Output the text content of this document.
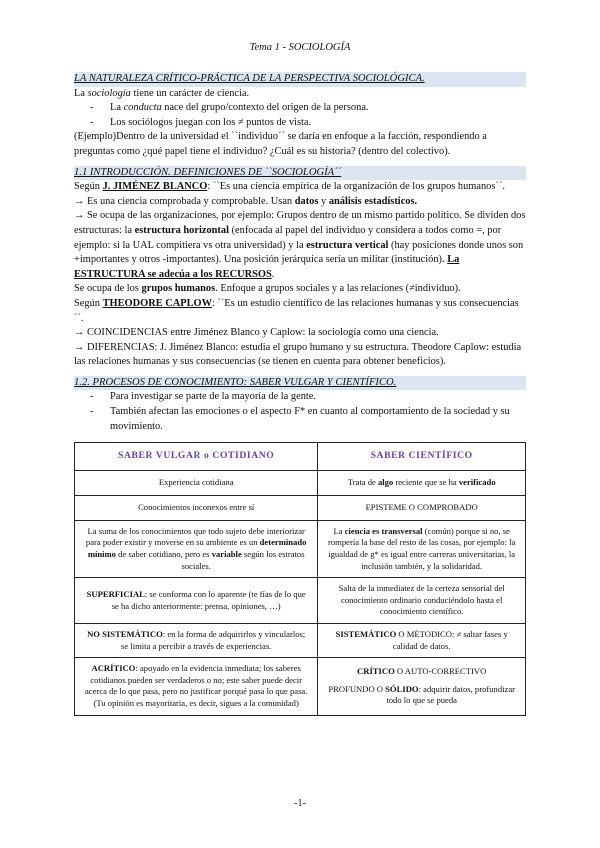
Tema 1 - SOCIOLOGÍA

LA NATURALEZA CRÍTICO-PRÁCTICA DE LA PERSPECTIVA SOCIOLÓGICA.

La sociología tiene un carácter de ciencia.

- La conducta nace del grupo/contexto del origen de la persona.

- Los sociólogos juegan con los ≠ puntos de vista.

(Ejemplo)Dentro de la universidad el ``individuo´´ se daría en enfoque a la facción, respondiendo a preguntas como ¿qué papel tiene el individuo? ¿Cuál es su historia? (dentro del colectivo).

1.1 INTRODUCCIÓN. DEFINICIONES DE ``SOCIOLOGÍA´´

Según J. JIMÉNEZ BLANCO: ``Es una ciencia empírica de la organización de los grupos humanos´´.

→ Es una ciencia comprobada y comprobable. Usan datos y análisis estadísticos.

→ Se ocupa de las organizaciones, por ejemplo: Grupos dentro de un mismo partido político. Se dividen dos estructuras: la estructura horizontal (enfocada al papel del individuo y considera a todos como =, por ejemplo: si la UAL compitiera vs otra universidad) y la estructura vertical (hay posiciones donde unos son +importantes y otros -importantes). Una posición jerárquica sería un militar (institución). La ESTRUCTURA se adecúa a los RECURSOS.

Se ocupa de los grupos humanos. Enfoque a grupos sociales y a las relaciones (≠individuo).

Según THEODORE CAPLOW: ``Es un estudio científico de las relaciones humanas y sus consecuencias´´.

→ COINCIDENCIAS entre Jiménez Blanco y Caplow: la sociología como una ciencia.

→ DIFERENCIAS: J. Jiménez Blanco: estudia el grupo humano y su estructura. Theodore Caplow: estudia las relaciones humanas y sus consecuencias (se tienen en cuenta para obtener beneficios).

1.2. PROCESOS DE CONOCIMIENTO: SABER VULGAR Y CIENTÍFICO.

- Para investigar se parte de la mayoría de la gente.

- También afectan las emociones o el aspecto F* en cuanto al comportamiento de la sociedad y su movimiento.

SABER VULGAR o COTIDIANO	SABER CIENTÍFICO
Experiencia cotidiana	Trata de algo reciente que se ha verificado
Conocimientos inconexos entre sí	EPISTEME O COMPROBADO
La suma de los conocimientos que todo sujeto debe interiorizar para poder existir y moverse en su ambiente es un determinado mínimo de saber cotidiano, pero es variable según los estratos sociales.	La ciencia es transversal (común) porque si no, se rompería la base del resto de las cosas, por ejemplo: la igualdad de g* es igual entre carreras universitarias, la inclusión también, y la solidaridad.
SUPERFICIAL: se conforma con lo aparente (te fías de lo que se ha dicho anteriormente: prensa, opiniones, …)	Salta de la inmediatez de la certeza sensorial del conocimiento ordinario conduciéndolo hasta el conocimiento científico.
NO SISTEMÁTICO: en la forma de adquirirlos y vincularlos; se limita a percibir a través de experiencias.	SISTEMÁTICO O MÉTODICO: ≠ saltar fases y calidad de datos.
ACRÍTICO: apoyado en la evidencia inmediata; los saberes cotidianos pueden ser verdaderos o no; este saber puede decir acerca de lo que pasa, pero no justificar porqué pasa lo que pasa. (Tu opinión es mayoritaria, es decir, sigues a la comunidad)	CRÍTICO O AUTO-CORRECTIVO
PROFUNDO O SÓLIDO: adquirir datos, profundizar todo lo que se pueda
-1-
